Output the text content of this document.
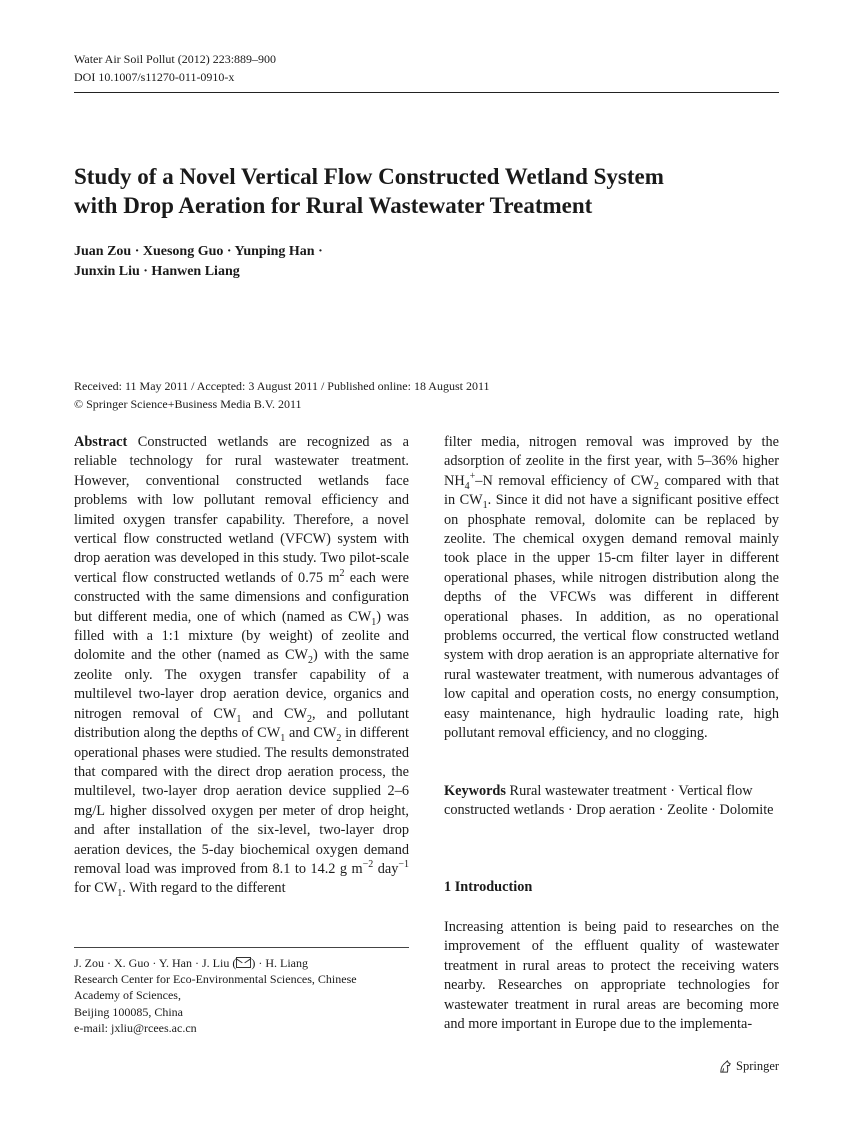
Water Air Soil Pollut (2012) 223:889–900
DOI 10.1007/s11270-011-0910-x
Study of a Novel Vertical Flow Constructed Wetland System
with Drop Aeration for Rural Wastewater Treatment
Juan Zou · Xuesong Guo · Yunping Han ·
Junxin Liu · Hanwen Liang
Received: 11 May 2011 / Accepted: 3 August 2011 / Published online: 18 August 2011
© Springer Science+Business Media B.V. 2011
Abstract Constructed wetlands are recognized as a reliable technology for rural wastewater treatment. However, conventional constructed wetlands face problems with low pollutant removal efficiency and limited oxygen transfer capability. Therefore, a novel vertical flow constructed wetland (VFCW) system with drop aeration was developed in this study. Two pilot-scale vertical flow constructed wetlands of 0.75 $m^2$ each were constructed with the same dimensions and configuration but different media, one of which (named as $CW_1$) was filled with a 1:1 mixture (by weight) of zeolite and dolomite and the other (named as $CW_2$) with the same zeolite only. The oxygen transfer capability of a multilevel two-layer drop aeration device, organics and nitrogen removal of $CW_1$ and $CW_2$, and pollutant distribution along the depths of $CW_1$ and $CW_2$ in different operational phases were studied. The results demonstrated that compared with the direct drop aeration process, the multilevel, two-layer drop aeration device supplied 2–6 mg/L higher dissolved oxygen per meter of drop height, and after installation of the six-level, two-layer drop aeration devices, the 5-day biochemical oxygen demand removal load was improved from 8.1 to 14.2 g $m^{-2}$ day$^{-1}$ for $CW_1$. With regard to the different
filter media, nitrogen removal was improved by the adsorption of zeolite in the first year, with 5–36% higher $NH_4^+-N$ removal efficiency of $CW_2$ compared with that in $CW_1$. Since it did not have a significant positive effect on phosphate removal, dolomite can be replaced by zeolite. The chemical oxygen demand removal mainly took place in the upper 15-cm filter layer in different operational phases, while nitrogen distribution along the depths of the VFCWs was different in different operational phases. In addition, as no operational problems occurred, the vertical flow constructed wetland system with drop aeration is an appropriate alternative for rural wastewater treatment, with numerous advantages of low capital and operation costs, no energy consumption, easy maintenance, high hydraulic loading rate, high pollutant removal efficiency, and no clogging.
Keywords Rural wastewater treatment · Vertical flow constructed wetlands · Drop aeration · Zeolite · Dolomite
1 Introduction
Increasing attention is being paid to researches on the improvement of the effluent quality of wastewater treatment in rural areas to protect the receiving waters nearby. Researches on appropriate technologies for wastewater treatment in rural areas are becoming more and more important in Europe due to the implementa-
J. Zou · X. Guo · Y. Han · J. Liu ( ) · H. Liang
Research Center for Eco-Environmental Sciences, Chinese
Academy of Sciences,
Beijing 100085, China
e-mail: jxliu@rcees.ac.cn
Springer
